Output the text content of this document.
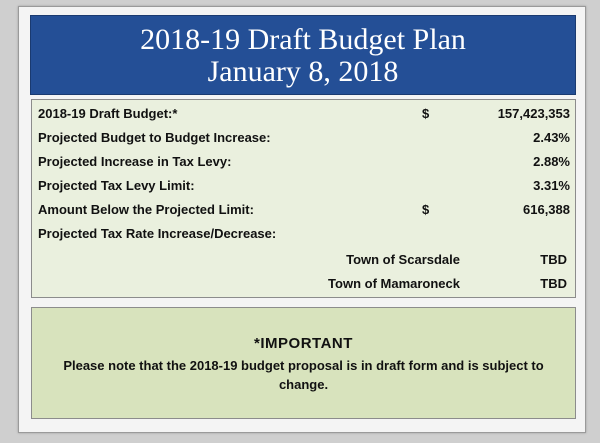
2018-19 Draft Budget Plan
January 8, 2018
2018-19 Draft Budget:*	$	157,423,353
Projected Budget to Budget Increase:	2.43%
Projected Increase in Tax Levy:	2.88%
Projected Tax Levy Limit:	3.31%
Amount Below the Projected Limit:	$	616,388
Projected Tax Rate Increase/Decrease:
Town of Scarsdale	TBD
Town of Mamaroneck	TBD
*IMPORTANT
Please note that the 2018-19 budget proposal is in draft form and is subject to change.
